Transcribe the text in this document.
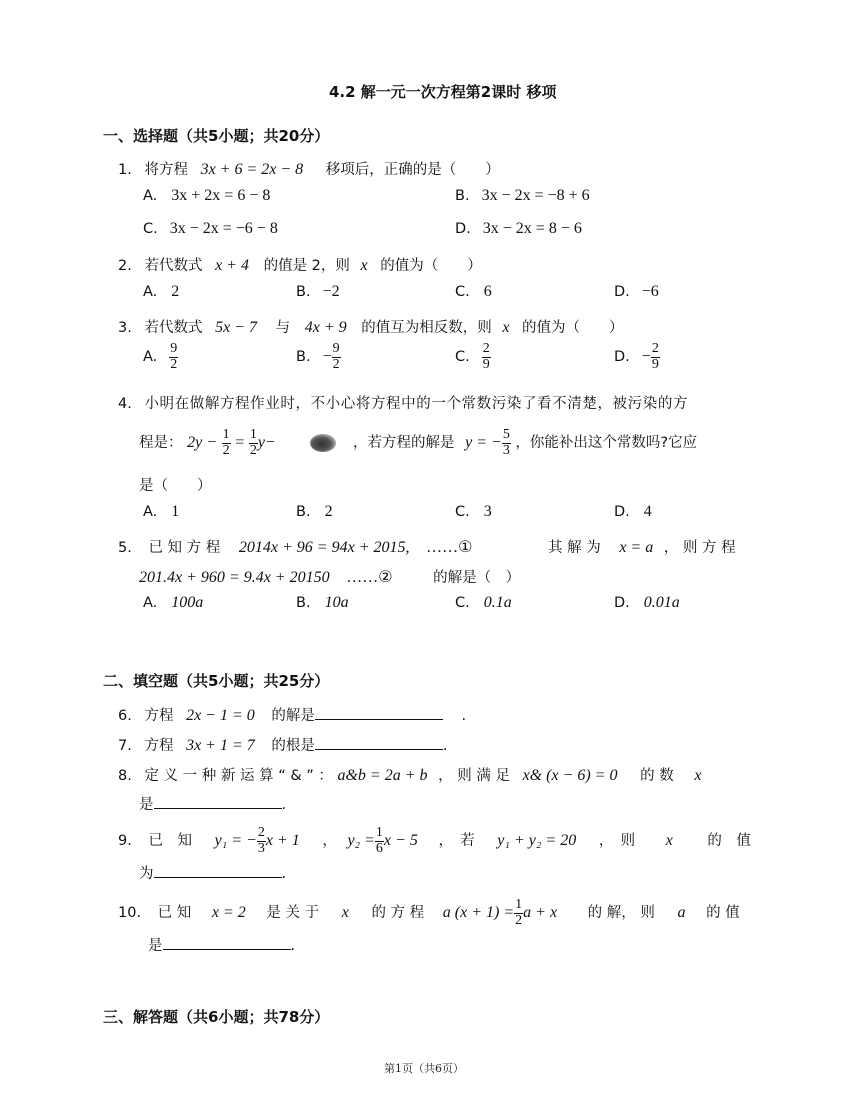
4.2 解一元一次方程第2课时 移项
一、选择题（共5小题；共20分）
1. 将方程 3x + 6 = 2x − 8 移项后，正确的是（　　）
A. 3x + 2x = 6 − 8	B. 3x − 2x = −8 + 6
C. 3x − 2x = −6 − 8	D. 3x − 2x = 8 − 6
2. 若代数式 x + 4 的值是 2，则 x 的值为（　　）
A. 2	B. −2	C. 6	D. −6
3. 若代数式 5x − 7 与 4x + 9 的值互为相反数，则 x 的值为（　　）
A. $\frac{9}{2}$	B. − $\frac{9}{2}$	C. $\frac{2}{9}$	D. − $\frac{2}{9}$
4. 小明在做解方程作业时，不小心将方程中的一个常数污染了看不清楚，被污染的方
程是： $2y - \frac{1}{2} = \frac{1}{2} y-$	，若方程的解是 y = − $\frac{5}{3}$ ，你能补出这个常数吗?它应
是（　　）
A. 1	B. 2	C. 3	D. 4
5. 已 知 方 程 2014x + 96 = 94x + 2015, ……①	其 解 为 x = a ， 则 方 程
201.4x + 960 = 9.4x + 20150 ……②	的解是（　）
A. 100a	B. 10a	C. 0.1a	D. 0.01a
二、填空题（共5小题；共25分）
6. 方程 2x − 1 = 0 的解是	.
7. 方程 3x + 1 = 7 的根是	.
8. 定 义 一 种 新 运 算 “ & ” ： a&b = 2a + b ， 则 满 足 x& (x − 6) = 0 的 数 x
是	.
9. 已　知 y₁ = − $\frac{2}{3}$ x + 1 ， $y_2 = \frac{1}{6}$ x − 5 ，　若 y₁ + y₂ = 20 ，　则 x 的　值
为	.
10. 已 知 x = 2 是 关 于 x 的 方 程 a $(x + 1) = \frac{1}{2}$ a + x 的 解， 则 a 的 值
是	.
三、解答题（共6小题；共78分）
第1页（共6页）
